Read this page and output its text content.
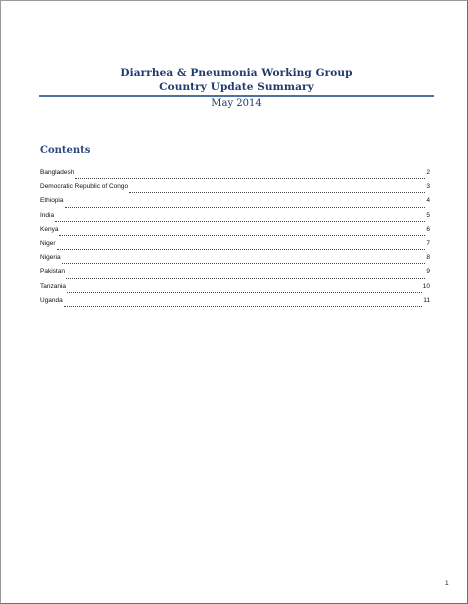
Diarrhea & Pneumonia Working Group
Country Update Summary
May 2014
Contents
Bangladesh	2
Democratic Republic of Congo	3
Ethiopia	4
India	5
Kenya	6
Niger	7
Nigeria	8
Pakistan	9
Tanzania	10
Uganda	11
1
